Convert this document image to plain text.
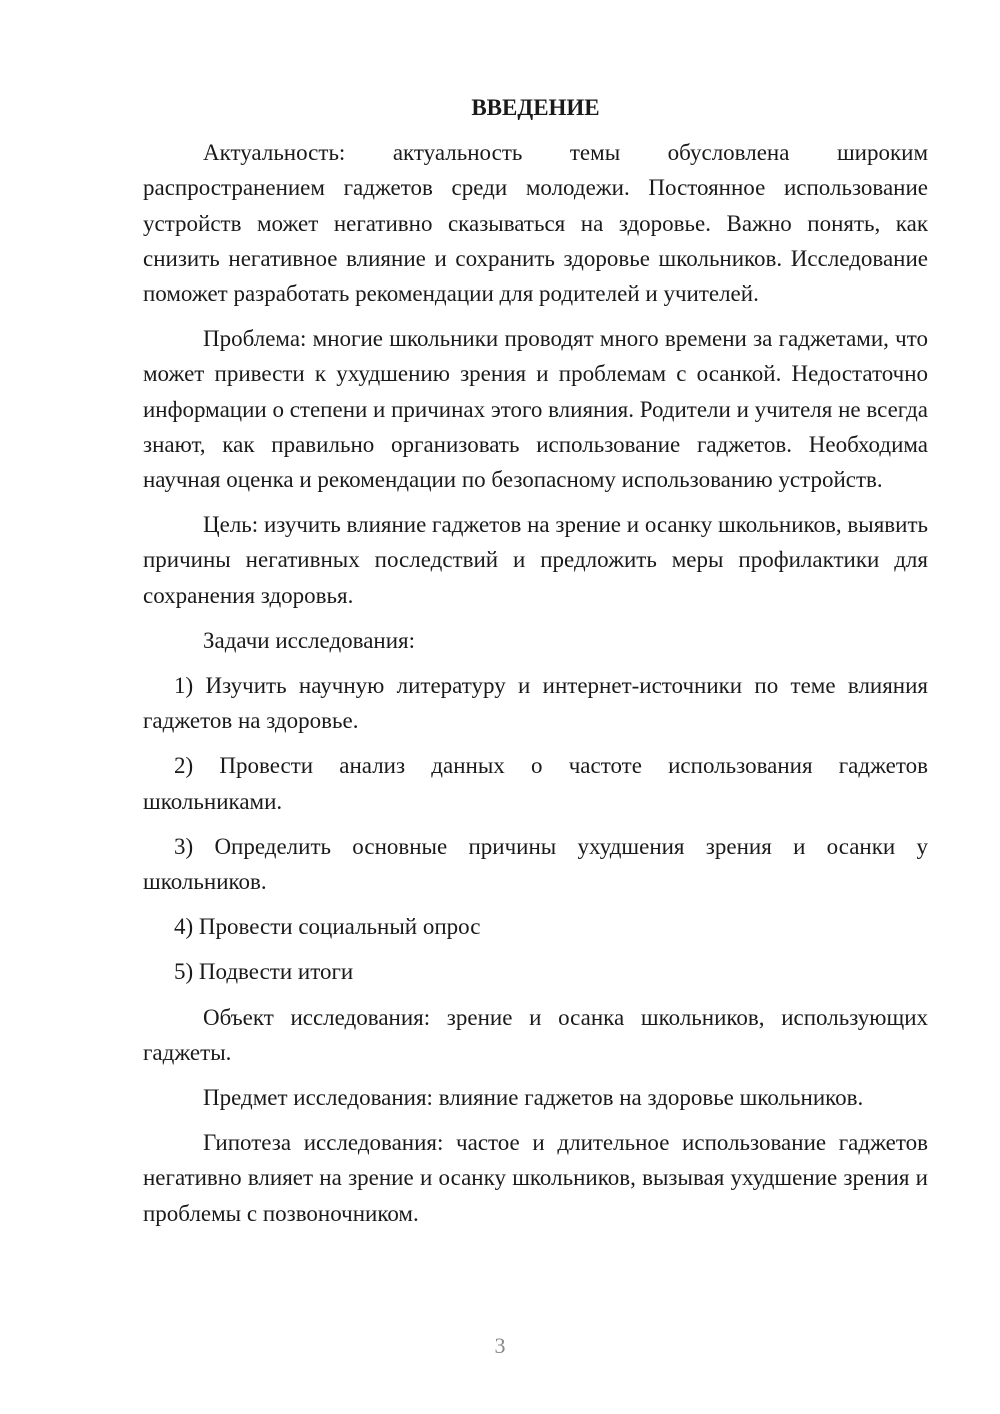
ВВЕДЕНИЕ

Актуальность: актуальность темы обусловлена широким распространением гаджетов среди молодежи. Постоянное использование устройств может негативно сказываться на здоровье. Важно понять, как снизить негативное влияние и сохранить здоровье школьников. Исследование поможет разработать рекомендации для родителей и учителей.

Проблема: многие школьники проводят много времени за гаджетами, что может привести к ухудшению зрения и проблемам с осанкой. Недостаточно информации о степени и причинах этого влияния. Родители и учителя не всегда знают, как правильно организовать использование гаджетов. Необходима научная оценка и рекомендации по безопасному использованию устройств.

Цель: изучить влияние гаджетов на зрение и осанку школьников, выявить причины негативных последствий и предложить меры профилактики для сохранения здоровья.

Задачи исследования:

1) Изучить научную литературу и интернет-источники по теме влияния гаджетов на здоровье.

2) Провести анализ данных о частоте использования гаджетов школьниками.

3) Определить основные причины ухудшения зрения и осанки у школьников.

4) Провести социальный опрос

5) Подвести итоги

Объект исследования: зрение и осанка школьников, использующих гаджеты.

Предмет исследования: влияние гаджетов на здоровье школьников.

Гипотеза исследования: частое и длительное использование гаджетов негативно влияет на зрение и осанку школьников, вызывая ухудшение зрения и проблемы с позвоночником.

3
